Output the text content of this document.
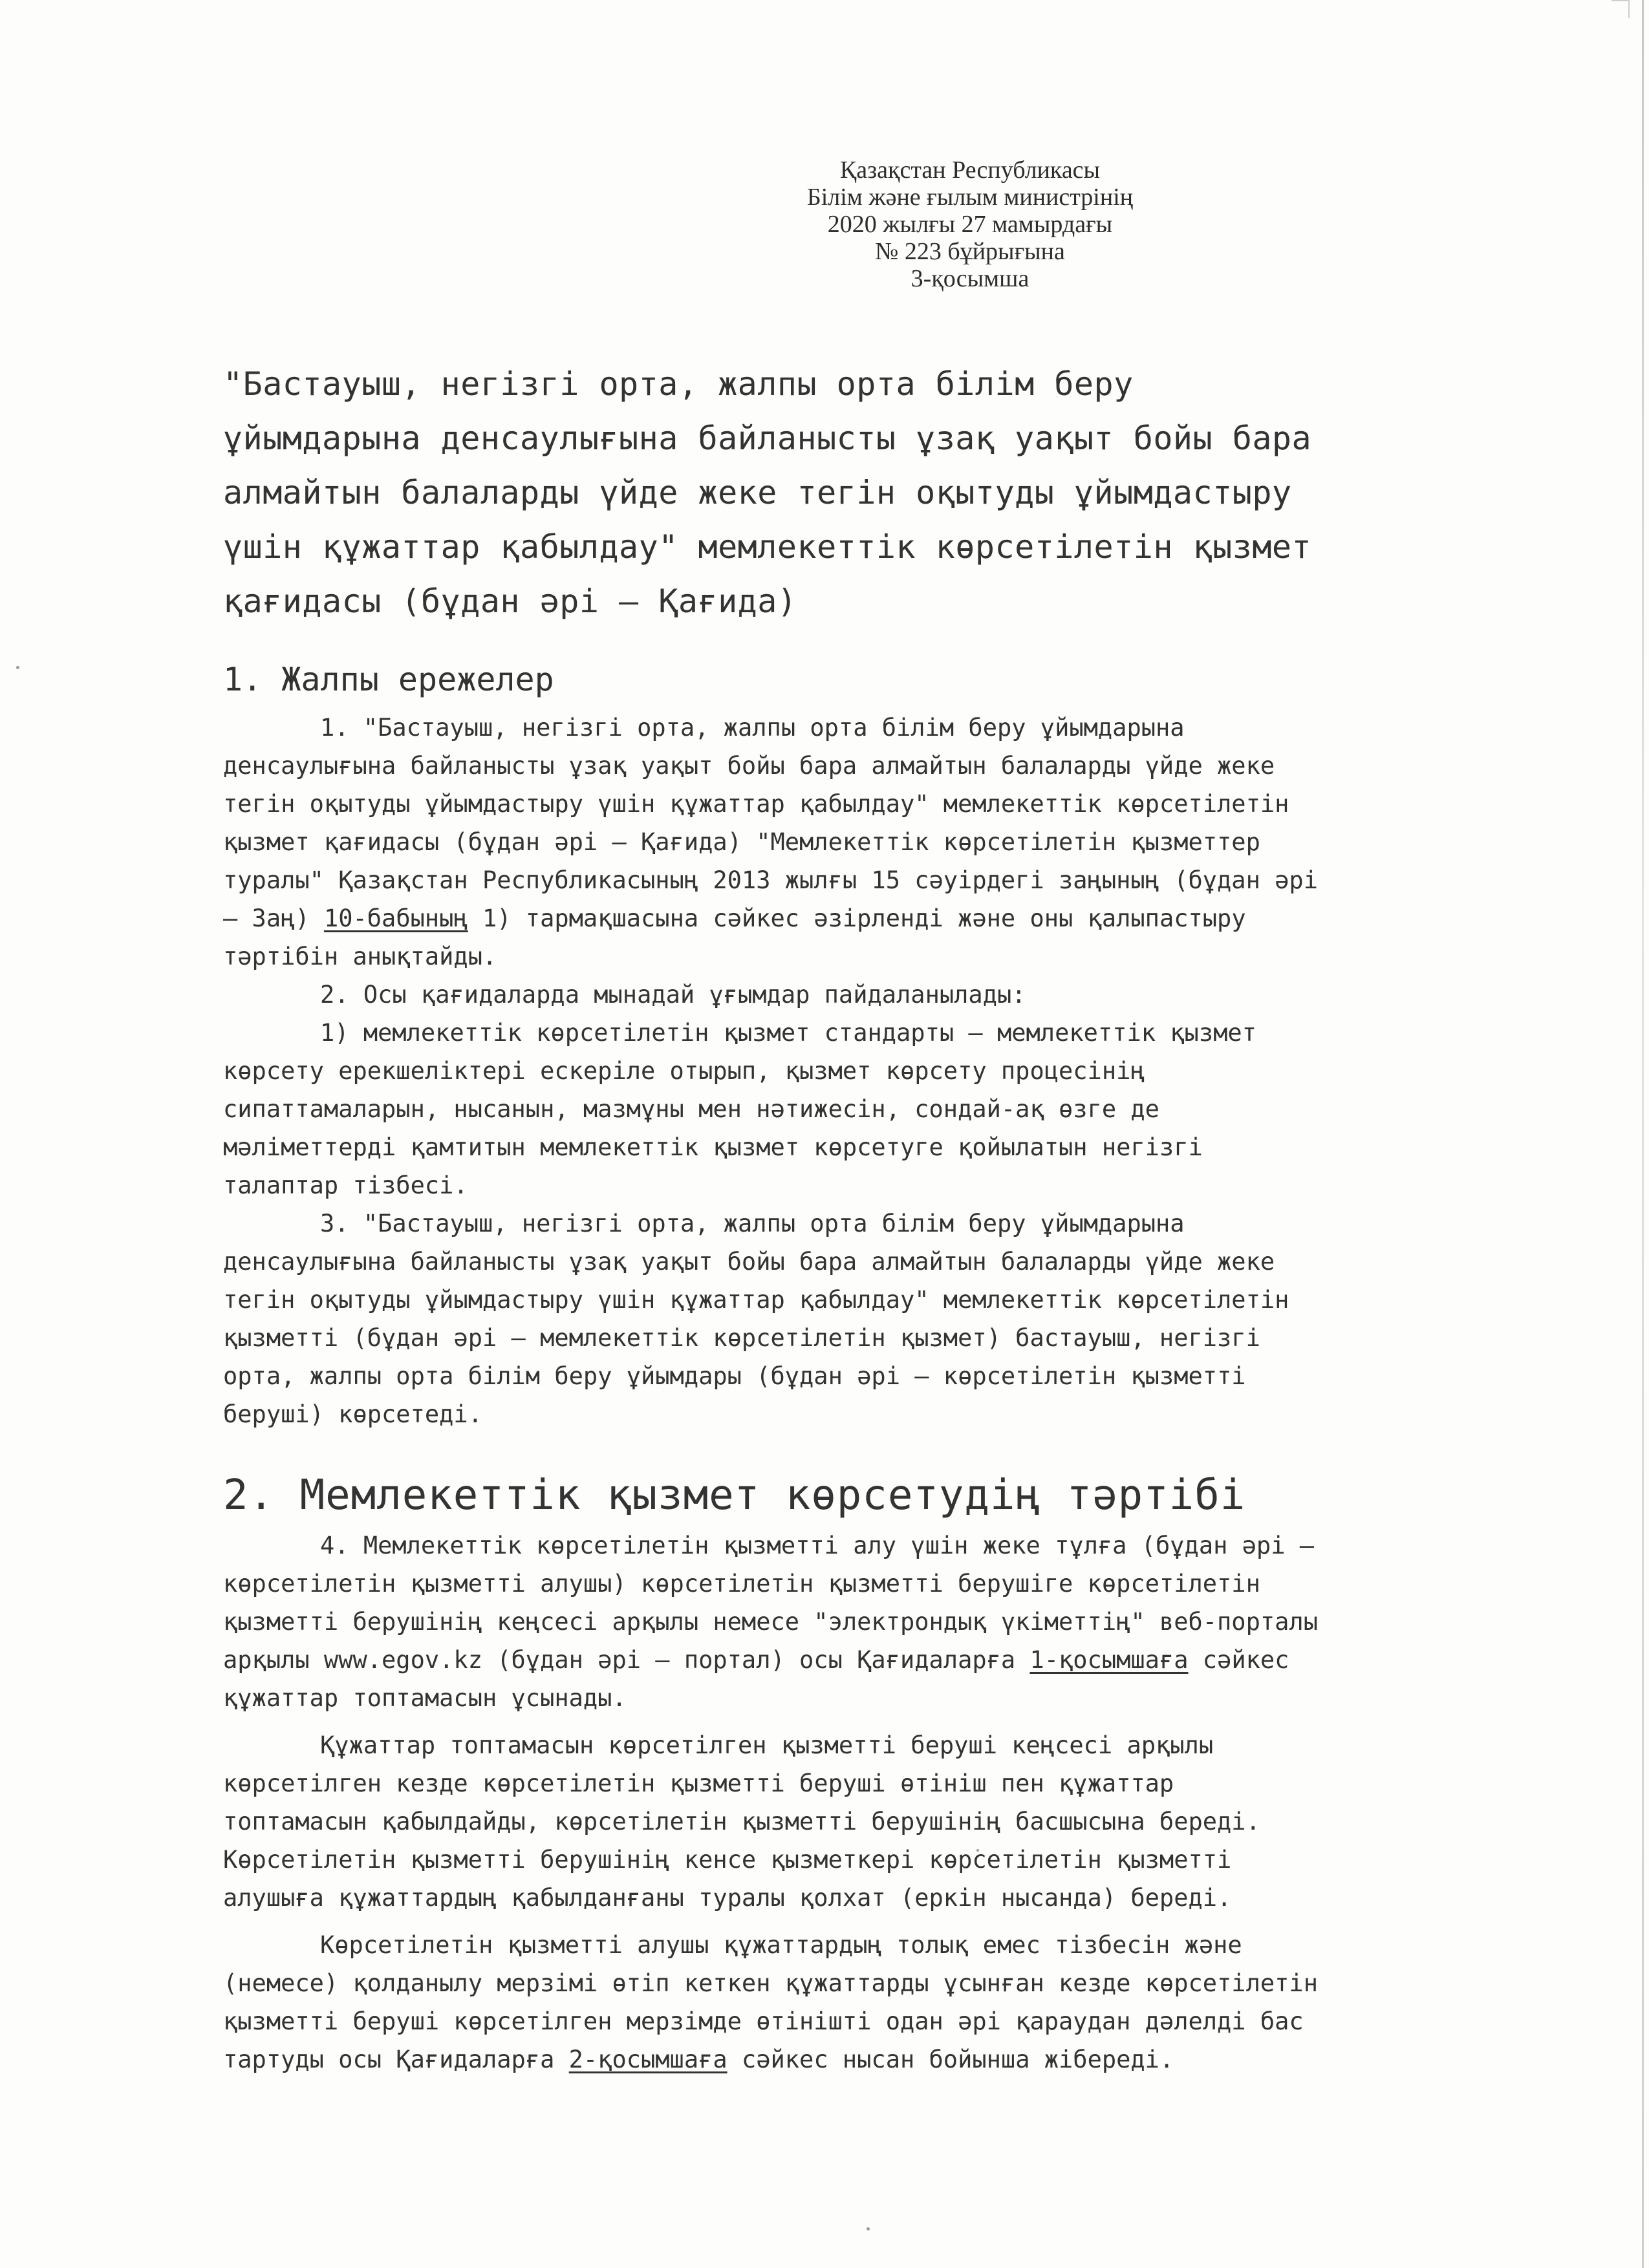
Қазақстан Республикасы
Білім және ғылым министрінің
2020 жылғы 27 мамырдағы
№ 223 бұйрығына
3-қосымша
"Бастауыш, негізгі орта, жалпы орта білім беру
ұйымдарына денсаулығына байланысты ұзақ уақыт бойы бара
алмайтын балаларды үйде жеке тегін оқытуды ұйымдастыру
үшін құжаттар қабылдау" мемлекеттік көрсетілетін қызмет
қағидасы (бұдан әрі – Қағида)
1. Жалпы ережелер
1. "Бастауыш, негізгі орта, жалпы орта білім беру ұйымдарына
денсаулығына байланысты ұзақ уақыт бойы бара алмайтын балаларды үйде жеке
тегін оқытуды ұйымдастыру үшін құжаттар қабылдау" мемлекеттік көрсетілетін
қызмет қағидасы (бұдан әрі – Қағида) "Мемлекеттік көрсетілетін қызметтер
туралы" Қазақстан Республикасының 2013 жылғы 15 сәуірдегі заңының (бұдан әрі
– Заң) 10-бабының 1) тармақшасына сәйкес әзірленді және оны қалыпастыру
тәртібін анықтайды.
2. Осы қағидаларда мынадай ұғымдар пайдаланылады:
1) мемлекеттік көрсетілетін қызмет стандарты – мемлекеттік қызмет
көрсету ерекшеліктері ескеріле отырып, қызмет көрсету процесінің
сипаттамаларын, нысанын, мазмұны мен нәтижесін, сондай-ақ өзге де
мәліметтерді қамтитын мемлекеттік қызмет көрсетуге қойылатын негізгі
талаптар тізбесі.
3. "Бастауыш, негізгі орта, жалпы орта білім беру ұйымдарына
денсаулығына байланысты ұзақ уақыт бойы бара алмайтын балаларды үйде жеке
тегін оқытуды ұйымдастыру үшін құжаттар қабылдау" мемлекеттік көрсетілетін
қызметті (бұдан әрі – мемлекеттік көрсетілетін қызмет) бастауыш, негізгі
орта, жалпы орта білім беру ұйымдары (бұдан әрі – көрсетілетін қызметті
беруші) көрсетеді.
2. Мемлекеттік қызмет көрсетудің тәртібі
4. Мемлекеттік көрсетілетін қызметті алу үшін жеке тұлға (бұдан әрі –
көрсетілетін қызметті алушы) көрсетілетін қызметті берушіге көрсетілетін
қызметті берушінің кеңсесі арқылы немесе "электрондық үкіметтің" веб-порталы
арқылы www.egov.kz (бұдан әрі – портал) осы Қағидаларға 1-қосымшаға сәйкес
құжаттар топтамасын ұсынады.
Құжаттар топтамасын көрсетілген қызметті беруші кеңсесі арқылы
көрсетілген кезде көрсетілетін қызметті беруші өтініш пен құжаттар
топтамасын қабылдайды, көрсетілетін қызметті берушінің басшысына береді.
Көрсетілетін қызметті берушінің кенсе қызметкері көрсетілетін қызметті
алушыға құжаттардың қабылданғаны туралы қолхат (еркін нысанда) береді.
Көрсетілетін қызметті алушы құжаттардың толық емес тізбесін және
(немесе) қолданылу мерзімі өтіп кеткен құжаттарды ұсынған кезде көрсетілетін
қызметті беруші көрсетілген мерзімде өтінішті одан әрі қараудан дәлелді бас
тартуды осы Қағидаларға 2-қосымшаға сәйкес нысан бойынша жібереді.
